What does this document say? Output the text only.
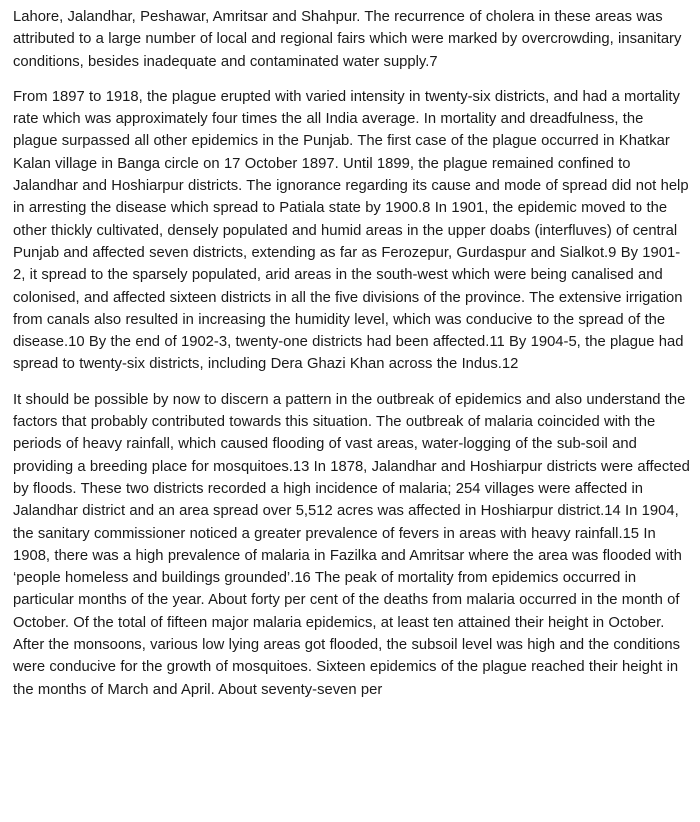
Lahore, Jalandhar, Peshawar, Amritsar and Shahpur. The recurrence of cholera in these areas was attributed to a large number of local and regional fairs which were marked by overcrowding, insanitary conditions, besides inadequate and contaminated water supply.7

From 1897 to 1918, the plague erupted with varied intensity in twenty-six districts, and had a mortality rate which was approximately four times the all India average. In mortality and dreadfulness, the plague surpassed all other epidemics in the Punjab. The first case of the plague occurred in Khatkar Kalan village in Banga circle on 17 October 1897. Until 1899, the plague remained confined to Jalandhar and Hoshiarpur districts. The ignorance regarding its cause and mode of spread did not help in arresting the disease which spread to Patiala state by 1900.8 In 1901, the epidemic moved to the other thickly cultivated, densely populated and humid areas in the upper doabs (interfluves) of central Punjab and affected seven districts, extending as far as Ferozepur, Gurdaspur and Sialkot.9 By 1901-2, it spread to the sparsely populated, arid areas in the south-west which were being canalised and colonised, and affected sixteen districts in all the five divisions of the province. The extensive irrigation from canals also resulted in increasing the humidity level, which was conducive to the spread of the disease.10 By the end of 1902-3, twenty-one districts had been affected.11 By 1904-5, the plague had spread to twenty-six districts, including Dera Ghazi Khan across the Indus.12

It should be possible by now to discern a pattern in the outbreak of epidemics and also understand the factors that probably contributed towards this situation. The outbreak of malaria coincided with the periods of heavy rainfall, which caused flooding of vast areas, water-logging of the sub-soil and providing a breeding place for mosquitoes.13 In 1878, Jalandhar and Hoshiarpur districts were affected by floods. These two districts recorded a high incidence of malaria; 254 villages were affected in Jalandhar district and an area spread over 5,512 acres was affected in Hoshiarpur district.14 In 1904, the sanitary commissioner noticed a greater prevalence of fevers in areas with heavy rainfall.15 In 1908, there was a high prevalence of malaria in Fazilka and Amritsar where the area was flooded with ‘people homeless and buildings grounded’.16 The peak of mortality from epidemics occurred in particular months of the year. About forty per cent of the deaths from malaria occurred in the month of October. Of the total of fifteen major malaria epidemics, at least ten attained their height in October. After the monsoons, various low lying areas got flooded, the subsoil level was high and the conditions were conducive for the growth of mosquitoes. Sixteen epidemics of the plague reached their height in the months of March and April. About seventy-seven per
